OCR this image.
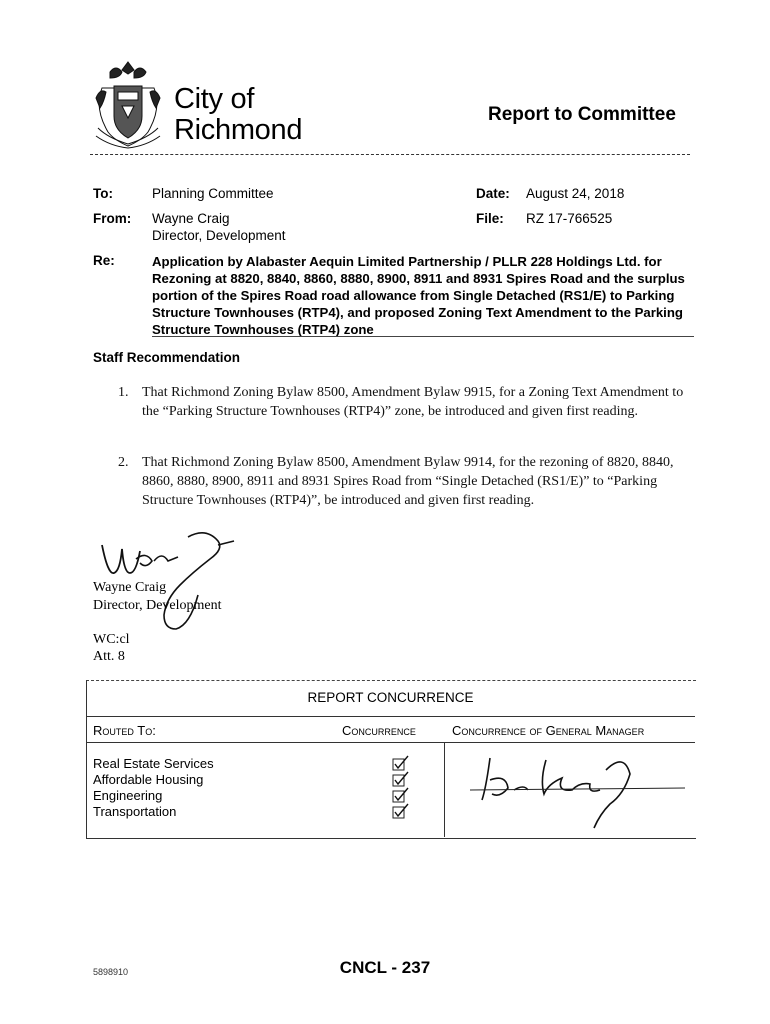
City of
Richmond	Report to Committee
To:	Planning Committee	Date: August 24, 2018
From: Wayne Craig
Director, Development
File: RZ 17-766525
Re:	Application by Alabaster Aequin Limited Partnership / PLLR 228 Holdings Ltd. for Rezoning at 8820, 8840, 8860, 8880, 8900, 8911 and 8931 Spires Road and the surplus portion of the Spires Road road allowance from Single Detached (RS1/E) to Parking Structure Townhouses (RTP4), and proposed Zoning Text Amendment to the Parking Structure Townhouses (RTP4) zone
Staff Recommendation
1. That Richmond Zoning Bylaw 8500, Amendment Bylaw 9915, for a Zoning Text Amendment to the “Parking Structure Townhouses (RTP4)” zone, be introduced and given first reading.
2. That Richmond Zoning Bylaw 8500, Amendment Bylaw 9914, for the rezoning of 8820, 8840, 8860, 8880, 8900, 8911 and 8931 Spires Road from “Single Detached (RS1/E)” to “Parking Structure Townhouses (RTP4)”, be introduced and given first reading.
Wayne Craig
Director, Development
WC:cl
Att. 8
REPORT CONCURRENCE
Routed To:	Concurrence	Concurrence of General Manager
Real Estate Services
Affordable Housing
Engineering
Transportation
5898910	CNCL - 237
